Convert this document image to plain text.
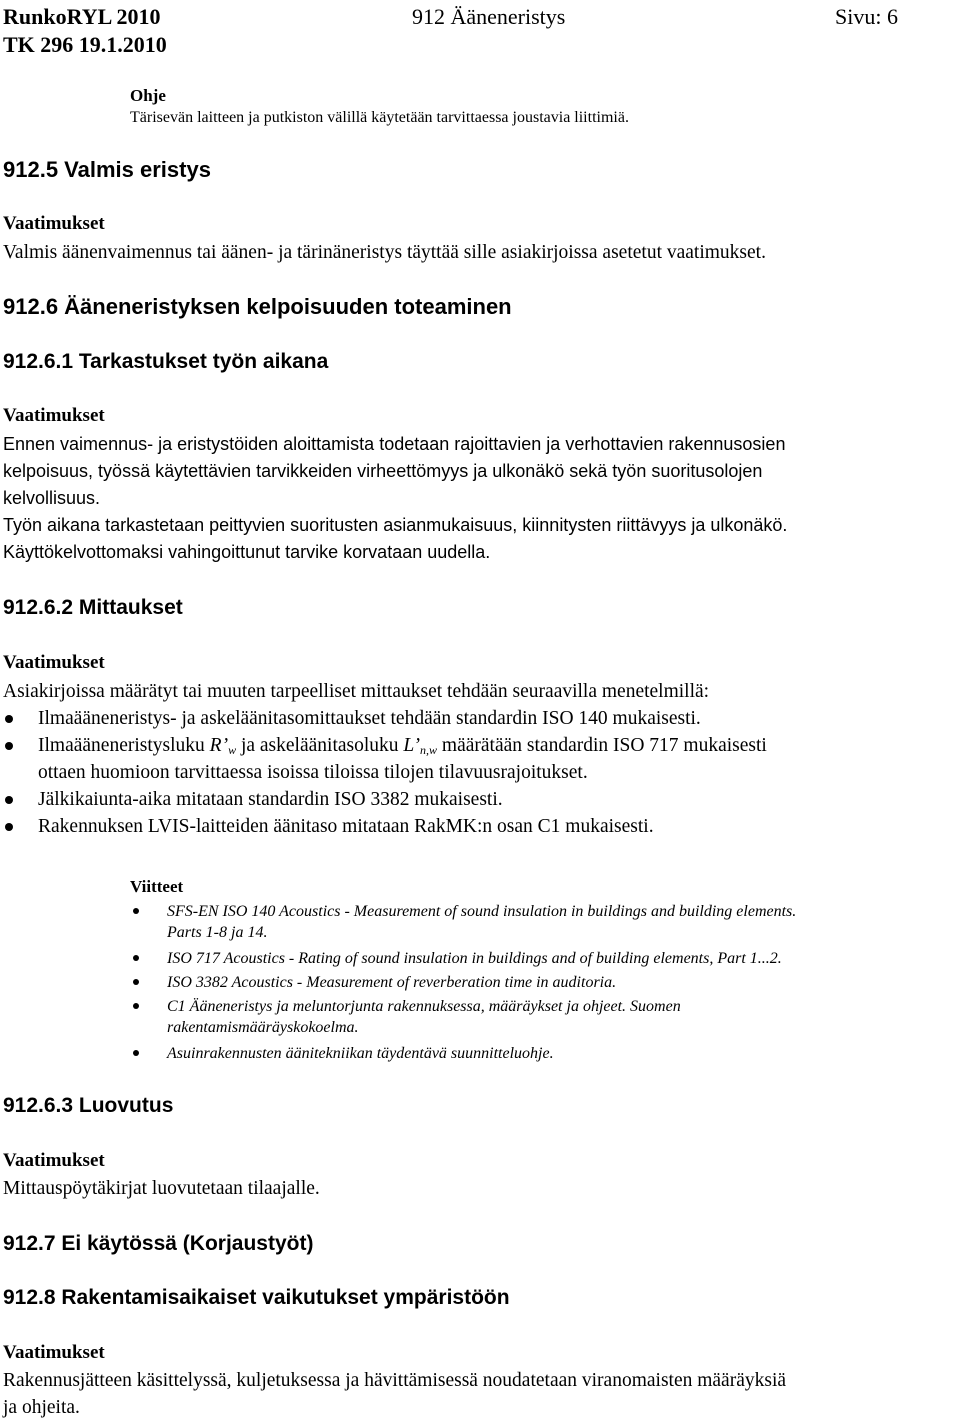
RunkoRYL 2010
TK 296 19.1.2010
912 Ääneneristys	Sivu: 6
Ohje
Tärisevän laitteen ja putkiston välillä käytetään tarvittaessa joustavia liittimiä.
912.5 Valmis eristys
Vaatimukset
Valmis äänenvaimennus tai äänen- ja tärinäneristys täyttää sille asiakirjoissa asetetut vaatimukset.
912.6 Ääneneristyksen kelpoisuuden toteaminen
912.6.1 Tarkastukset työn aikana
Vaatimukset
Ennen vaimennus- ja eristystöiden aloittamista todetaan rajoittavien ja verhottavien rakennusosien
kelpoisuus, työssä käytettävien tarvikkeiden virheettömyys ja ulkonäkö sekä työn suoritusolojen
kelvollisuus.
Työn aikana tarkastetaan peittyvien suoritusten asianmukaisuus, kiinnitysten riittävyys ja ulkonäkö.
Käyttökelvottomaksi vahingoittunut tarvike korvataan uudella.
912.6.2 Mittaukset
Vaatimukset
Asiakirjoissa määrätyt tai muuten tarpeelliset mittaukset tehdään seuraavilla menetelmillä:
Ilmaääneneristys- ja askeläänitasomittaukset tehdään standardin ISO 140 mukaisesti.
Ilmaääneneristysluku $R’_w$ ja askeläänitasoluku $L’_{n,w}$ määrätään standardin ISO 717 mukaisesti
ottaen huomioon tarvittaessa isoissa tiloissa tilojen tilavuusrajoitukset.
Jälkikaiunta-aika mitataan standardin ISO 3382 mukaisesti.
Rakennuksen LVIS-laitteiden äänitaso mitataan RakMK:n osan C1 mukaisesti.
Viitteet
SFS-EN ISO 140 Acoustics - Measurement of sound insulation in buildings and building elements.
Parts 1-8 ja 14.
ISO 717 Acoustics - Rating of sound insulation in buildings and of building elements, Part 1...2.
ISO 3382 Acoustics - Measurement of reverberation time in auditoria.
C1 Ääneneristys ja meluntorjunta rakennuksessa, määräykset ja ohjeet. Suomen
rakentamismääräyskokoelma.
Asuinrakennusten äänitekniikan täydentävä suunnitteluohje.
912.6.3 Luovutus
Vaatimukset
Mittauspöytäkirjat luovutetaan tilaajalle.
912.7 Ei käytössä (Korjaustyöt)
912.8 Rakentamisaikaiset vaikutukset ympäristöön
Vaatimukset
Rakennusjätteen käsittelyssä, kuljetuksessa ja hävittämisessä noudatetaan viranomaisten määräyksiä
ja ohjeita.
